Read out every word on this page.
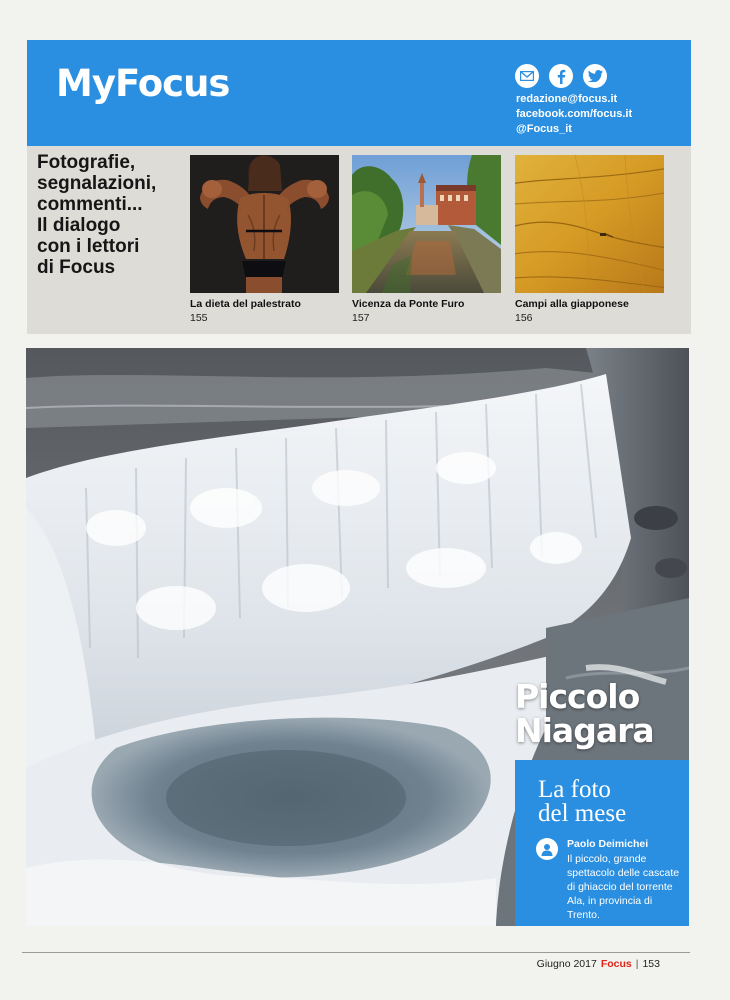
MyFocus	redazione@focus.it
facebook.com/focus.it
@Focus_it
Fotografie,
segnalazioni,
commenti...
Il dialogo
con i lettori
di Focus
La dieta del palestrato
155
Vicenza da Ponte Furo
157
Campi alla giapponese
156
Piccolo
Niagara
La foto
del mese
Paolo Deimichei
Il piccolo, grande spettacolo delle cascate di ghiaccio del torrente Ala, in provincia di Trento.
Giugno 2017 Focus | 153
